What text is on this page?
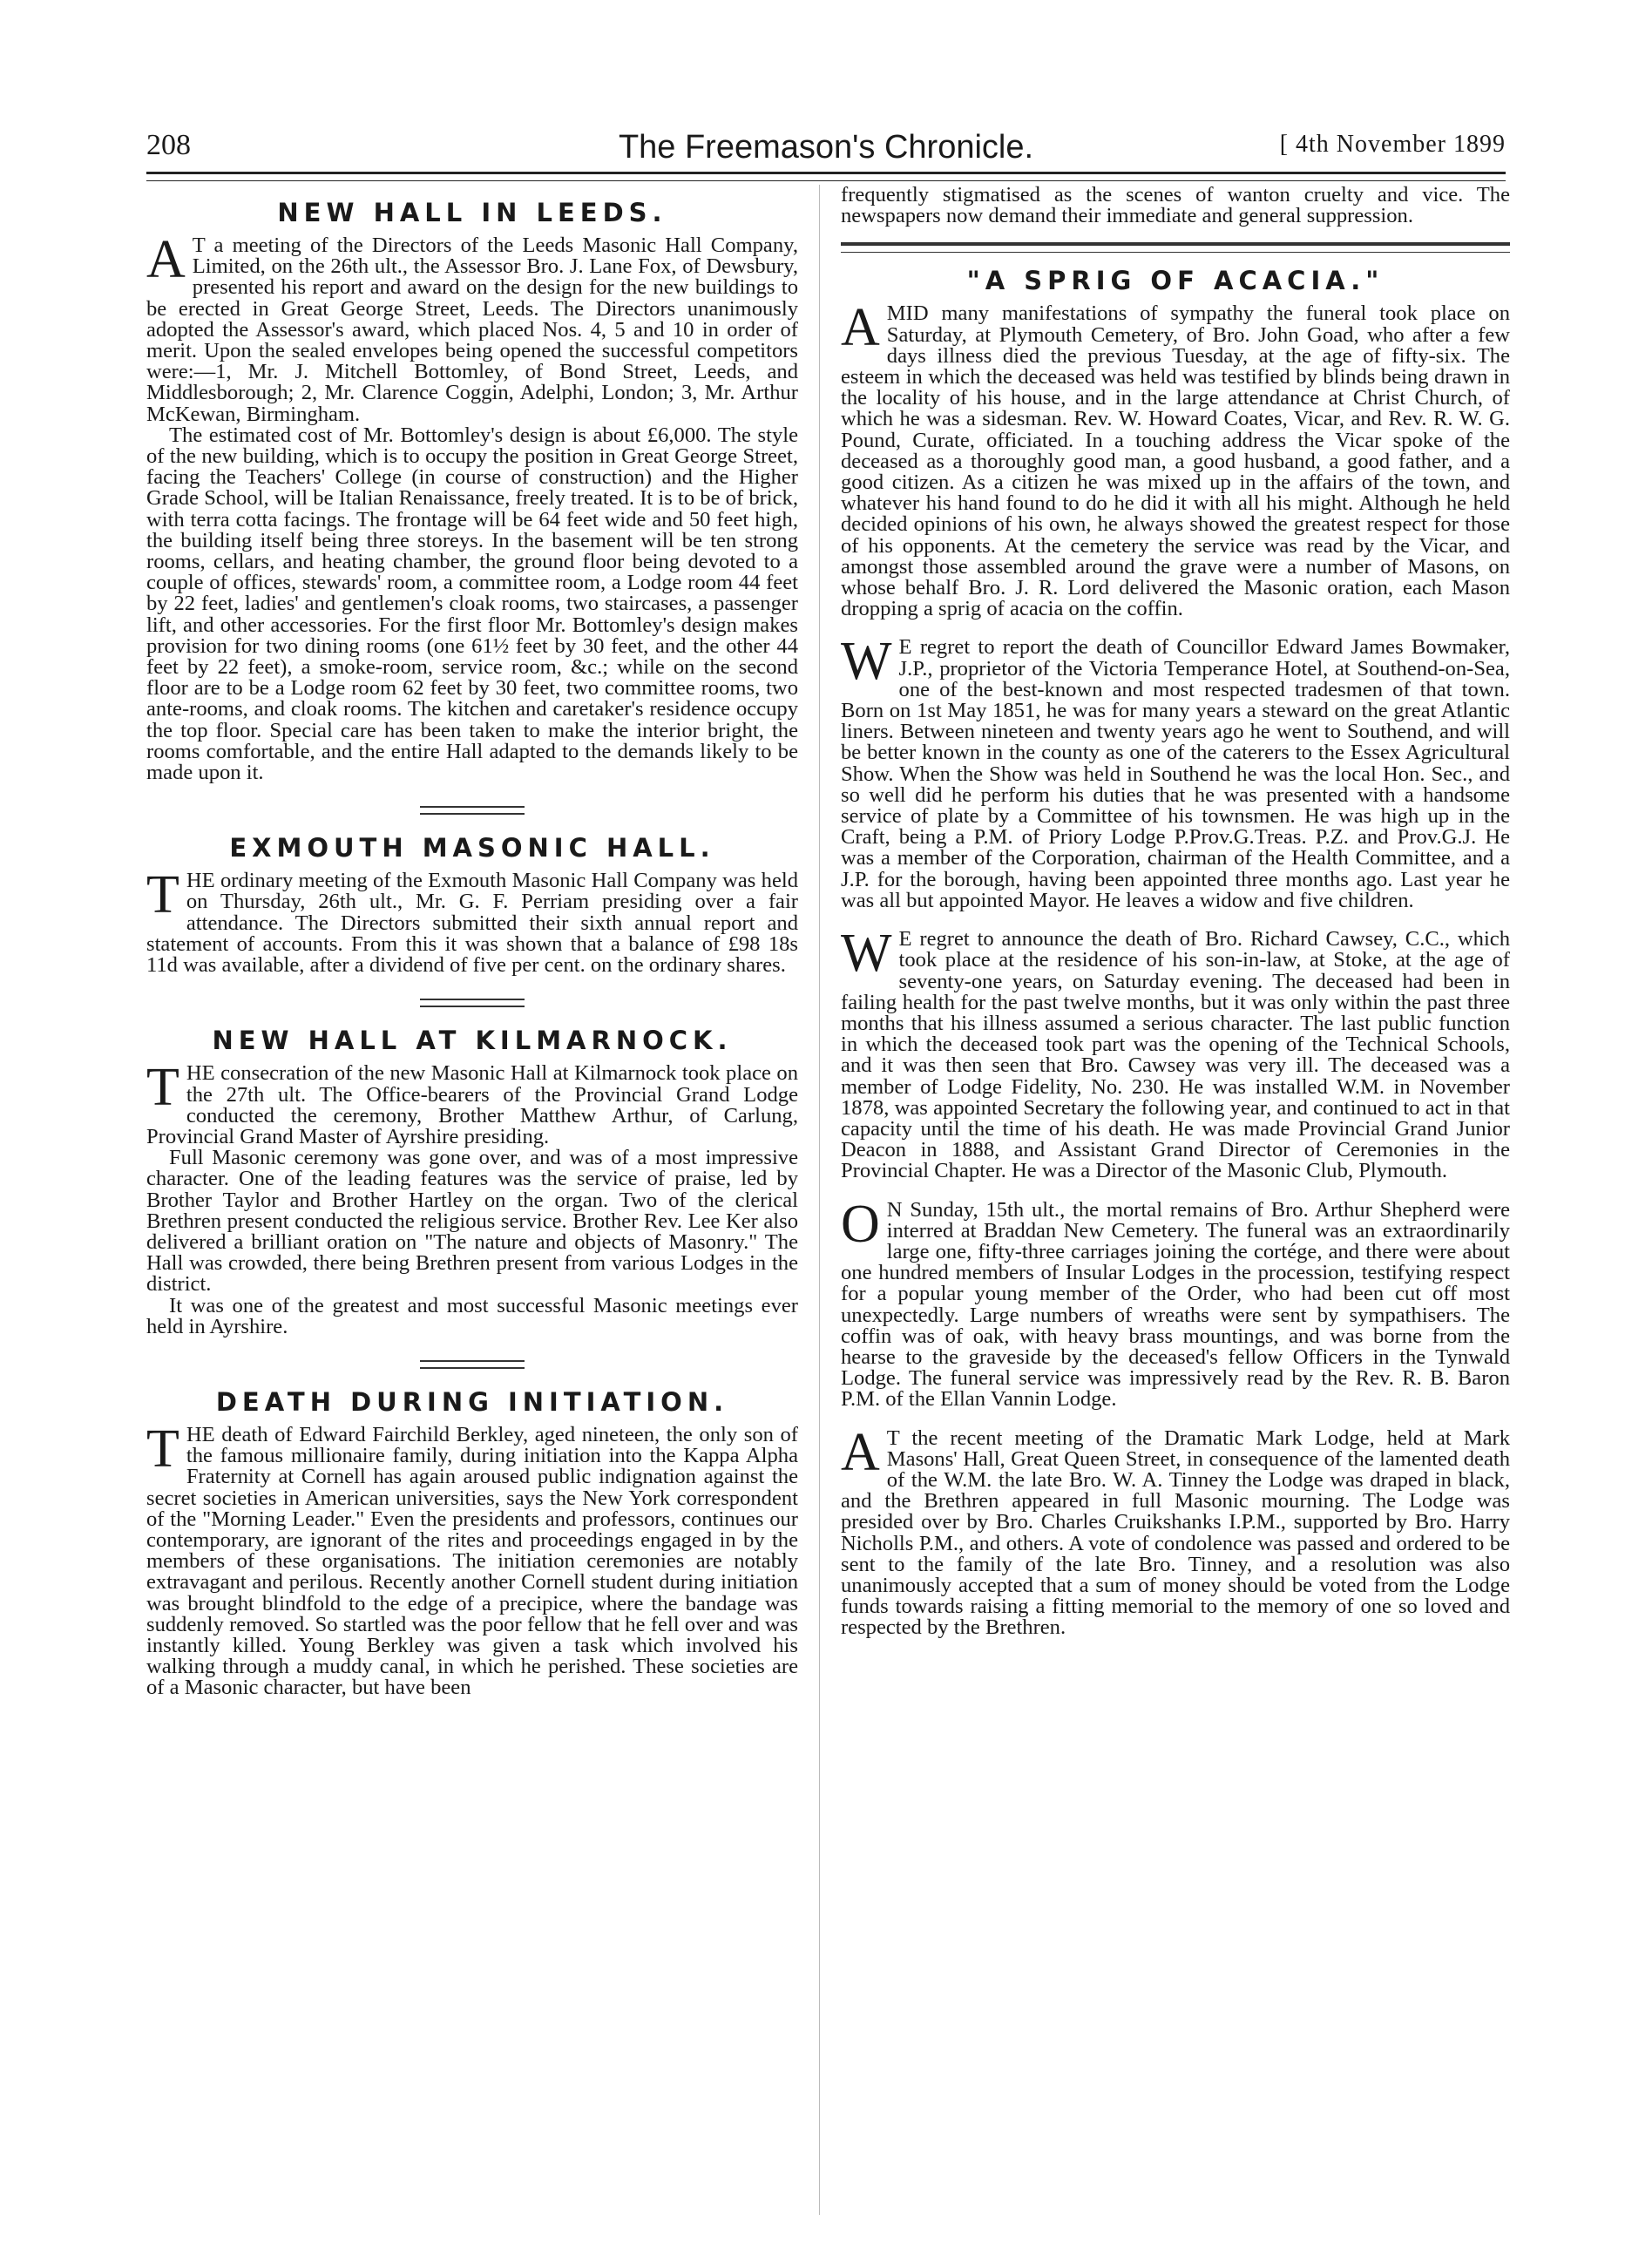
208	The Freemason's Chronicle.	[ 4th November 1899
NEW HALL IN LEEDS.

AT a meeting of the Directors of the Leeds Masonic Hall Company, Limited, on the 26th ult., the Assessor Bro. J. Lane Fox, of Dewsbury, presented his report and award on the design for the new buildings to be erected in Great George Street, Leeds. The Directors unanimously adopted the Assessor's award, which placed Nos. 4, 5 and 10 in order of merit. Upon the sealed envelopes being opened the successful competitors were:—1, Mr. J. Mitchell Bottomley, of Bond Street, Leeds, and Middlesborough; 2, Mr. Clarence Coggin, Adelphi, London; 3, Mr. Arthur McKewan, Birmingham.

The estimated cost of Mr. Bottomley's design is about £6,000. The style of the new building, which is to occupy the position in Great George Street, facing the Teachers' College (in course of construction) and the Higher Grade School, will be Italian Renaissance, freely treated. It is to be of brick, with terra cotta facings. The frontage will be 64 feet wide and 50 feet high, the building itself being three storeys. In the basement will be ten strong rooms, cellars, and heating chamber, the ground floor being devoted to a couple of offices, stewards' room, a committee room, a Lodge room 44 feet by 22 feet, ladies' and gentlemen's cloak rooms, two staircases, a passenger lift, and other accessories. For the first floor Mr. Bottomley's design makes provision for two dining rooms (one 61½ feet by 30 feet, and the other 44 feet by 22 feet), a smoke-room, service room, &c.; while on the second floor are to be a Lodge room 62 feet by 30 feet, two committee rooms, two ante-rooms, and cloak rooms. The kitchen and caretaker's residence occupy the top floor. Special care has been taken to make the interior bright, the rooms comfortable, and the entire Hall adapted to the demands likely to be made upon it.

EXMOUTH MASONIC HALL.

THE ordinary meeting of the Exmouth Masonic Hall Company was held on Thursday, 26th ult., Mr. G. F. Perriam presiding over a fair attendance. The Directors submitted their sixth annual report and statement of accounts. From this it was shown that a balance of £98 18s 11d was available, after a dividend of five per cent. on the ordinary shares.

NEW HALL AT KILMARNOCK.

THE consecration of the new Masonic Hall at Kilmarnock took place on the 27th ult. The Office-bearers of the Provincial Grand Lodge conducted the ceremony, Brother Matthew Arthur, of Carlung, Provincial Grand Master of Ayrshire presiding.

Full Masonic ceremony was gone over, and was of a most impressive character. One of the leading features was the service of praise, led by Brother Taylor and Brother Hartley on the organ. Two of the clerical Brethren present conducted the religious service. Brother Rev. Lee Ker also delivered a brilliant oration on "The nature and objects of Masonry." The Hall was crowded, there being Brethren present from various Lodges in the district.

It was one of the greatest and most successful Masonic meetings ever held in Ayrshire.

DEATH DURING INITIATION.

THE death of Edward Fairchild Berkley, aged nineteen, the only son of the famous millionaire family, during initiation into the Kappa Alpha Fraternity at Cornell has again aroused public indignation against the secret societies in American universities, says the New York correspondent of the "Morning Leader." Even the presidents and professors, continues our contemporary, are ignorant of the rites and proceedings engaged in by the members of these organisations. The initiation ceremonies are notably extravagant and perilous. Recently another Cornell student during initiation was brought blindfold to the edge of a precipice, where the bandage was suddenly removed. So startled was the poor fellow that he fell over and was instantly killed. Young Berkley was given a task which involved his walking through a muddy canal, in which he perished. These societies are of a Masonic character, but have been

frequently stigmatised as the scenes of wanton cruelty and vice. The newspapers now demand their immediate and general suppression.

"A SPRIG OF ACACIA."

AMID many manifestations of sympathy the funeral took place on Saturday, at Plymouth Cemetery, of Bro. John Goad, who after a few days illness died the previous Tuesday, at the age of fifty-six. The esteem in which the deceased was held was testified by blinds being drawn in the locality of his house, and in the large attendance at Christ Church, of which he was a sidesman. Rev. W. Howard Coates, Vicar, and Rev. R. W. G. Pound, Curate, officiated. In a touching address the Vicar spoke of the deceased as a thoroughly good man, a good husband, a good father, and a good citizen. As a citizen he was mixed up in the affairs of the town, and whatever his hand found to do he did it with all his might. Although he held decided opinions of his own, he always showed the greatest respect for those of his opponents. At the cemetery the service was read by the Vicar, and amongst those assembled around the grave were a number of Masons, on whose behalf Bro. J. R. Lord delivered the Masonic oration, each Mason dropping a sprig of acacia on the coffin.

WE regret to report the death of Councillor Edward James Bowmaker, J.P., proprietor of the Victoria Temperance Hotel, at Southend-on-Sea, one of the best-known and most respected tradesmen of that town. Born on 1st May 1851, he was for many years a steward on the great Atlantic liners. Between nineteen and twenty years ago he went to Southend, and will be better known in the county as one of the caterers to the Essex Agricultural Show. When the Show was held in Southend he was the local Hon. Sec., and so well did he perform his duties that he was presented with a handsome service of plate by a Committee of his townsmen. He was high up in the Craft, being a P.M. of Priory Lodge P.Prov.G.Treas. P.Z. and Prov.G.J. He was a member of the Corporation, chairman of the Health Committee, and a J.P. for the borough, having been appointed three months ago. Last year he was all but appointed Mayor. He leaves a widow and five children.

WE regret to announce the death of Bro. Richard Cawsey, C.C., which took place at the residence of his son-in-law, at Stoke, at the age of seventy-one years, on Saturday evening. The deceased had been in failing health for the past twelve months, but it was only within the past three months that his illness assumed a serious character. The last public function in which the deceased took part was the opening of the Technical Schools, and it was then seen that Bro. Cawsey was very ill. The deceased was a member of Lodge Fidelity, No. 230. He was installed W.M. in November 1878, was appointed Secretary the following year, and continued to act in that capacity until the time of his death. He was made Provincial Grand Junior Deacon in 1888, and Assistant Grand Director of Ceremonies in the Provincial Chapter. He was a Director of the Masonic Club, Plymouth.

ON Sunday, 15th ult., the mortal remains of Bro. Arthur Shepherd were interred at Braddan New Cemetery. The funeral was an extraordinarily large one, fifty-three carriages joining the cortége, and there were about one hundred members of Insular Lodges in the procession, testifying respect for a popular young member of the Order, who had been cut off most unexpectedly. Large numbers of wreaths were sent by sympathisers. The coffin was of oak, with heavy brass mountings, and was borne from the hearse to the graveside by the deceased's fellow Officers in the Tynwald Lodge. The funeral service was impressively read by the Rev. R. B. Baron P.M. of the Ellan Vannin Lodge.

AT the recent meeting of the Dramatic Mark Lodge, held at Mark Masons' Hall, Great Queen Street, in consequence of the lamented death of the W.M. the late Bro. W. A. Tinney the Lodge was draped in black, and the Brethren appeared in full Masonic mourning. The Lodge was presided over by Bro. Charles Cruikshanks I.P.M., supported by Bro. Harry Nicholls P.M., and others. A vote of condolence was passed and ordered to be sent to the family of the late Bro. Tinney, and a resolution was also unanimously accepted that a sum of money should be voted from the Lodge funds towards raising a fitting memorial to the memory of one so loved and respected by the Brethren.
